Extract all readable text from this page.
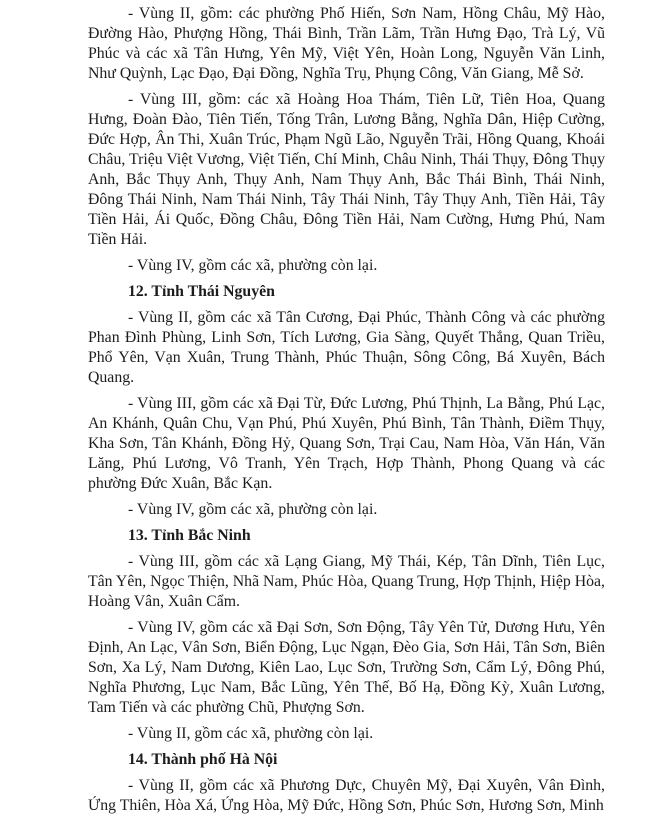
- Vùng II, gồm: các phường Phố Hiến, Sơn Nam, Hồng Châu, Mỹ Hào, Đường Hào, Phượng Hồng, Thái Bình, Trần Lãm, Trần Hưng Đạo, Trà Lý, Vũ Phúc và các xã Tân Hưng, Yên Mỹ, Việt Yên, Hoàn Long, Nguyễn Văn Linh, Như Quỳnh, Lạc Đạo, Đại Đồng, Nghĩa Trụ, Phụng Công, Văn Giang, Mễ Sở.

- Vùng III, gồm: các xã Hoàng Hoa Thám, Tiên Lữ, Tiên Hoa, Quang Hưng, Đoàn Đào, Tiên Tiến, Tống Trân, Lương Bằng, Nghĩa Dân, Hiệp Cường, Đức Hợp, Ân Thi, Xuân Trúc, Phạm Ngũ Lão, Nguyễn Trãi, Hồng Quang, Khoái Châu, Triệu Việt Vương, Việt Tiến, Chí Minh, Châu Ninh, Thái Thụy, Đông Thụy Anh, Bắc Thụy Anh, Thụy Anh, Nam Thụy Anh, Bắc Thái Bình, Thái Ninh, Đông Thái Ninh, Nam Thái Ninh, Tây Thái Ninh, Tây Thụy Anh, Tiền Hải, Tây Tiền Hải, Ái Quốc, Đồng Châu, Đông Tiền Hải, Nam Cường, Hưng Phú, Nam Tiền Hải.

- Vùng IV, gồm các xã, phường còn lại.

12. Tỉnh Thái Nguyên

- Vùng II, gồm các xã Tân Cương, Đại Phúc, Thành Công và các phường Phan Đình Phùng, Linh Sơn, Tích Lương, Gia Sàng, Quyết Thắng, Quan Triều, Phổ Yên, Vạn Xuân, Trung Thành, Phúc Thuận, Sông Công, Bá Xuyên, Bách Quang.

- Vùng III, gồm các xã Đại Từ, Đức Lương, Phú Thịnh, La Bằng, Phú Lạc, An Khánh, Quân Chu, Vạn Phú, Phú Xuyên, Phú Bình, Tân Thành, Điềm Thụy, Kha Sơn, Tân Khánh, Đồng Hỷ, Quang Sơn, Trại Cau, Nam Hòa, Văn Hán, Văn Lăng, Phú Lương, Vô Tranh, Yên Trạch, Hợp Thành, Phong Quang và các phường Đức Xuân, Bắc Kạn.

- Vùng IV, gồm các xã, phường còn lại.

13. Tỉnh Bắc Ninh

- Vùng III, gồm các xã Lạng Giang, Mỹ Thái, Kép, Tân Dĩnh, Tiên Lục, Tân Yên, Ngọc Thiện, Nhã Nam, Phúc Hòa, Quang Trung, Hợp Thịnh, Hiệp Hòa, Hoàng Vân, Xuân Cẩm.

- Vùng IV, gồm các xã Đại Sơn, Sơn Động, Tây Yên Tử, Dương Hưu, Yên Định, An Lạc, Vân Sơn, Biển Động, Lục Ngạn, Đèo Gia, Sơn Hải, Tân Sơn, Biên Sơn, Xa Lý, Nam Dương, Kiên Lao, Lục Sơn, Trường Sơn, Cẩm Lý, Đông Phú, Nghĩa Phương, Lục Nam, Bắc Lũng, Yên Thế, Bố Hạ, Đồng Kỳ, Xuân Lương, Tam Tiến và các phường Chũ, Phượng Sơn.

- Vùng II, gồm các xã, phường còn lại.

14. Thành phố Hà Nội

- Vùng II, gồm các xã Phương Dực, Chuyên Mỹ, Đại Xuyên, Vân Đình, Ứng Thiên, Hòa Xá, Ứng Hòa, Mỹ Đức, Hồng Sơn, Phúc Sơn, Hương Sơn, Minh
